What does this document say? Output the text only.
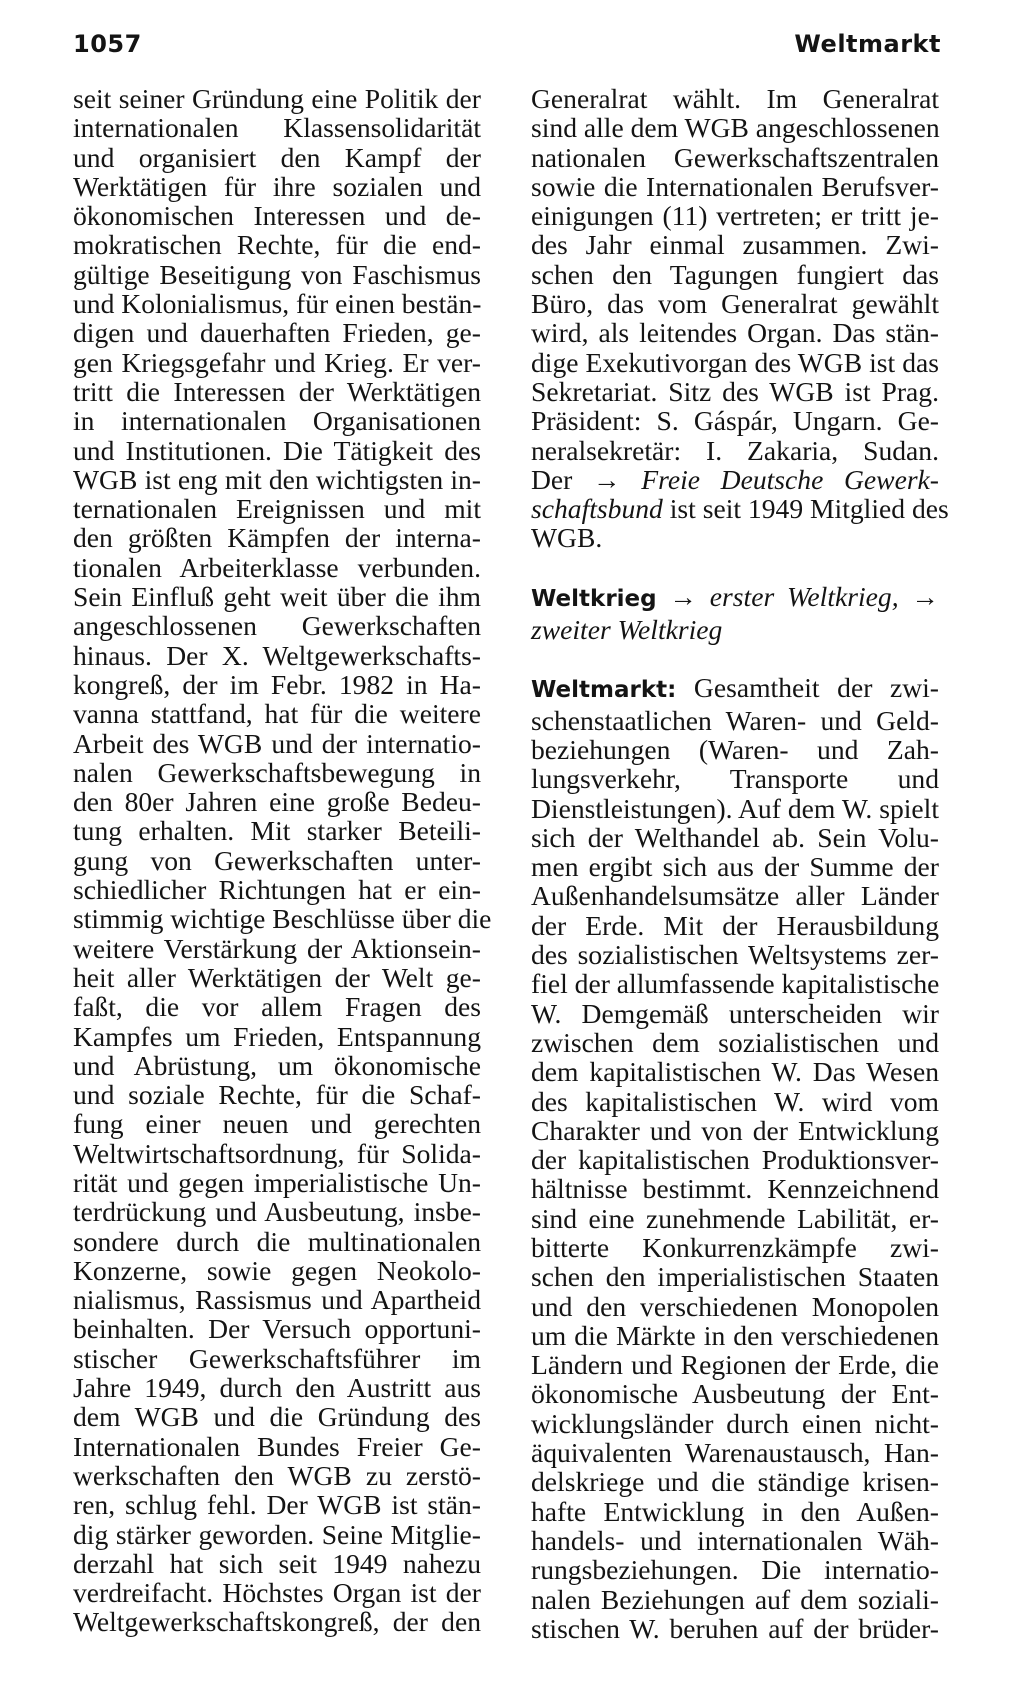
1057	Weltmarkt
seit seiner Gründung eine Politik der
internationalen Klassensolidarität
und organisiert den Kampf der
Werktätigen für ihre sozialen und
ökonomischen Interessen und de-
mokratischen Rechte, für die end-
gültige Beseitigung von Faschismus
und Kolonialismus, für einen bestän-
digen und dauerhaften Frieden, ge-
gen Kriegsgefahr und Krieg. Er ver-
tritt die Interessen der Werktätigen
in internationalen Organisationen
und Institutionen. Die Tätigkeit des
WGB ist eng mit den wichtigsten in-
ternationalen Ereignissen und mit
den größten Kämpfen der interna-
tionalen Arbeiterklasse verbunden.
Sein Einfluß geht weit über die ihm
angeschlossenen Gewerkschaften
hinaus. Der X. Weltgewerkschafts-
kongreß, der im Febr. 1982 in Ha-
vanna stattfand, hat für die weitere
Arbeit des WGB und der internatio-
nalen Gewerkschaftsbewegung in
den 80er Jahren eine große Bedeu-
tung erhalten. Mit starker Beteili-
gung von Gewerkschaften unter-
schiedlicher Richtungen hat er ein-
stimmig wichtige Beschlüsse über die
weitere Verstärkung der Aktionsein-
heit aller Werktätigen der Welt ge-
faßt, die vor allem Fragen des
Kampfes um Frieden, Entspannung
und Abrüstung, um ökonomische
und soziale Rechte, für die Schaf-
fung einer neuen und gerechten
Weltwirtschaftsordnung, für Solida-
rität und gegen imperialistische Un-
terdrückung und Ausbeutung, insbe-
sondere durch die multinationalen
Konzerne, sowie gegen Neokolo-
nialismus, Rassismus und Apartheid
beinhalten. Der Versuch opportuni-
stischer Gewerkschaftsführer im
Jahre 1949, durch den Austritt aus
dem WGB und die Gründung des
Internationalen Bundes Freier Ge-
werkschaften den WGB zu zerstö-
ren, schlug fehl. Der WGB ist stän-
dig stärker geworden. Seine Mitglie-
derzahl hat sich seit 1949 nahezu
verdreifacht. Höchstes Organ ist der
Weltgewerkschaftskongreß, der den
Generalrat wählt. Im Generalrat
sind alle dem WGB angeschlossenen
nationalen Gewerkschaftszentralen
sowie die Internationalen Berufsver-
einigungen (11) vertreten; er tritt je-
des Jahr einmal zusammen. Zwi-
schen den Tagungen fungiert das
Büro, das vom Generalrat gewählt
wird, als leitendes Organ. Das stän-
dige Exekutivorgan des WGB ist das
Sekretariat. Sitz des WGB ist Prag.
Präsident: S. Gáspár, Ungarn. Ge-
neralsekretär: I. Zakaria, Sudan.
Der → Freie Deutsche Gewerk-
schaftsbund ist seit 1949 Mitglied des
WGB.
Weltkrieg → erster Weltkrieg, →
zweiter Weltkrieg
Weltmarkt: Gesamtheit der zwi-
schenstaatlichen Waren- und Geld-
beziehungen (Waren- und Zah-
lungsverkehr, Transporte und
Dienstleistungen). Auf dem W. spielt
sich der Welthandel ab. Sein Volu-
men ergibt sich aus der Summe der
Außenhandelsumsätze aller Länder
der Erde. Mit der Herausbildung
des sozialistischen Weltsystems zer-
fiel der allumfassende kapitalistische
W. Demgemäß unterscheiden wir
zwischen dem sozialistischen und
dem kapitalistischen W. Das Wesen
des kapitalistischen W. wird vom
Charakter und von der Entwicklung
der kapitalistischen Produktionsver-
hältnisse bestimmt. Kennzeichnend
sind eine zunehmende Labilität, er-
bitterte Konkurrenzkämpfe zwi-
schen den imperialistischen Staaten
und den verschiedenen Monopolen
um die Märkte in den verschiedenen
Ländern und Regionen der Erde, die
ökonomische Ausbeutung der Ent-
wicklungsländer durch einen nicht-
äquivalenten Warenaustausch, Han-
delskriege und die ständige krisen-
hafte Entwicklung in den Außen-
handels- und internationalen Wäh-
rungsbeziehungen. Die internatio-
nalen Beziehungen auf dem soziali-
stischen W. beruhen auf der brüder-
